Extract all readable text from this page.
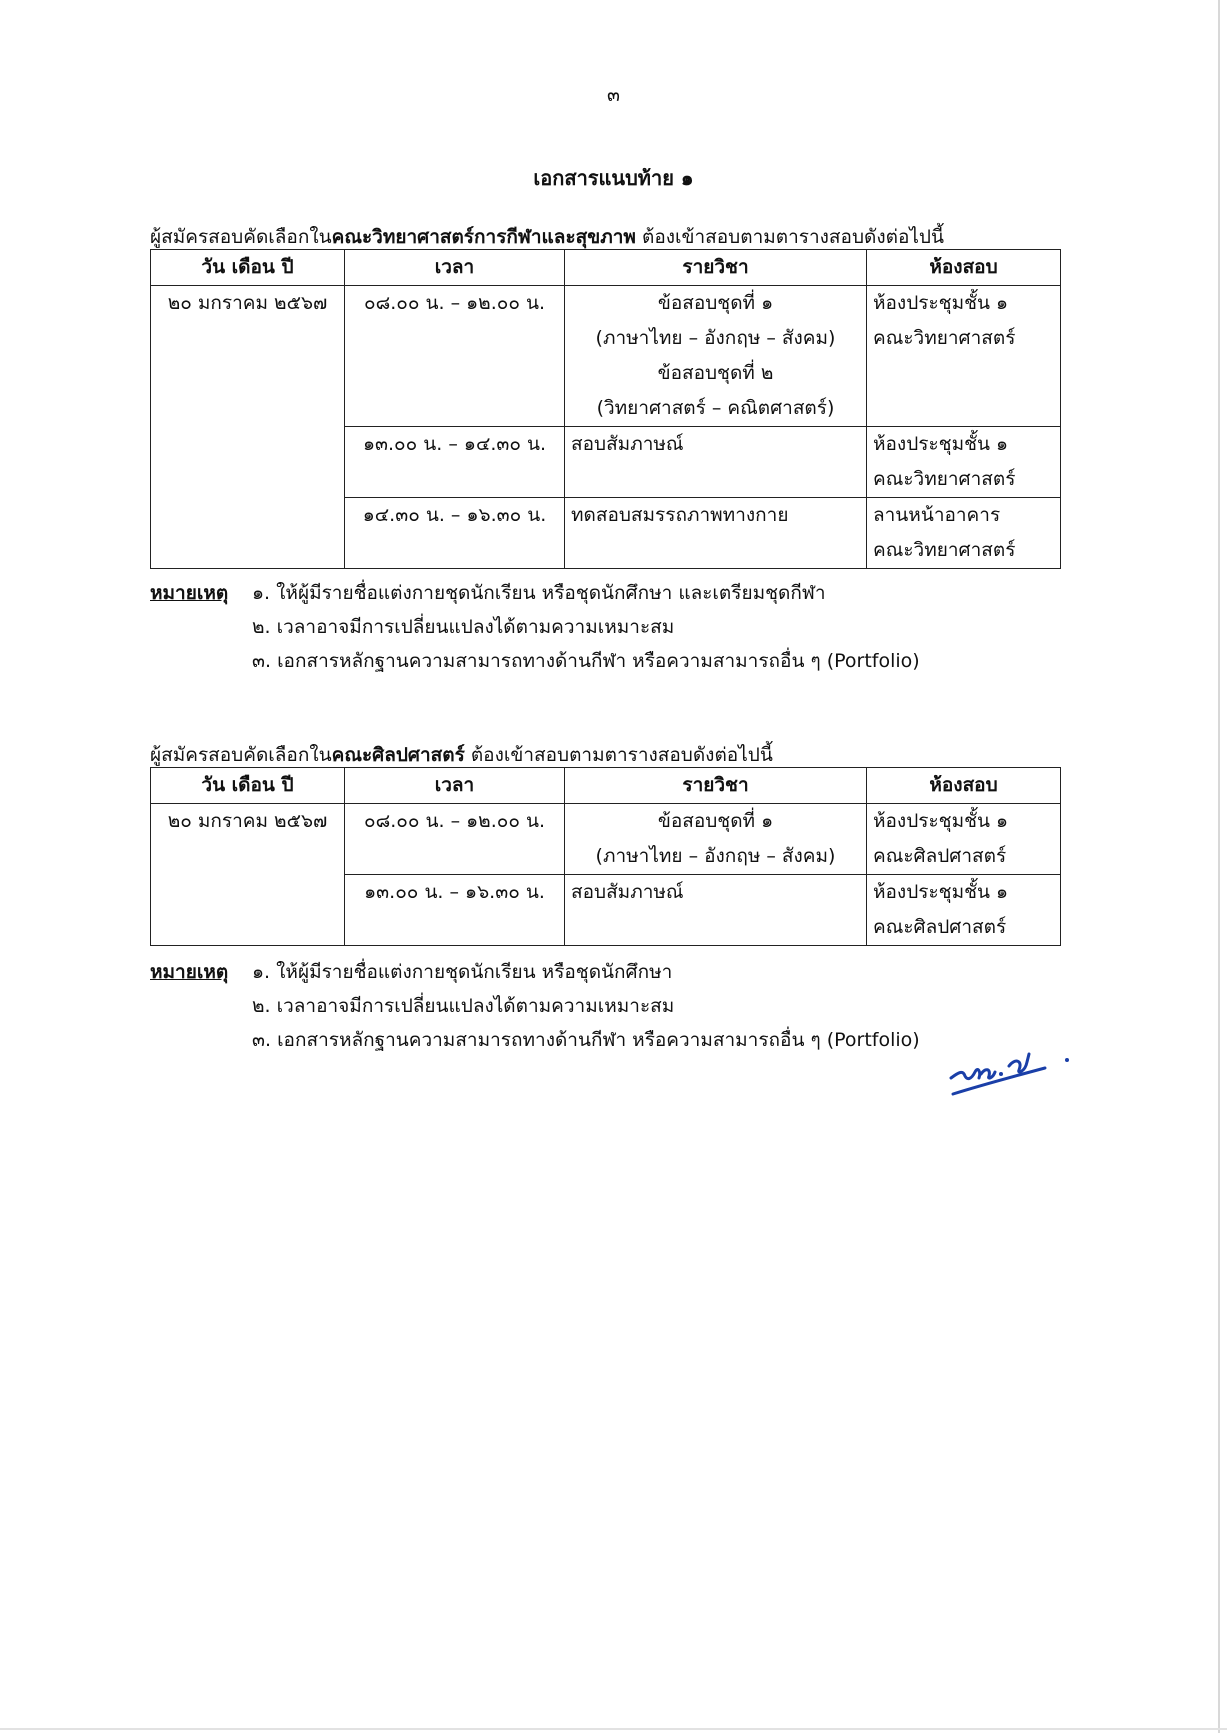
๓
เอกสารแนบท้าย ๑
ผู้สมัครสอบคัดเลือกในคณะวิทยาศาสตร์การกีฬาและสุขภาพ ต้องเข้าสอบตามตารางสอบดังต่อไปนี้
วัน เดือน ปี	เวลา	รายวิชา	ห้องสอบ
๒๐ มกราคม ๒๕๖๗	๐๘.๐๐ น. – ๑๒.๐๐ น.	ข้อสอบชุดที่ ๑
(ภาษาไทย – อังกฤษ – สังคม)
ข้อสอบชุดที่ ๒
(วิทยาศาสตร์ – คณิตศาสตร์)	ห้องประชุมชั้น ๑
คณะวิทยาศาสตร์

	๑๓.๐๐ น. – ๑๔.๓๐ น.	สอบสัมภาษณ์	ห้องประชุมชั้น ๑
คณะวิทยาศาสตร์

	๑๔.๓๐ น. – ๑๖.๓๐ น.	ทดสอบสมรรถภาพทางกาย	ลานหน้าอาคาร
คณะวิทยาศาสตร์
หมายเหตุ ๑. ให้ผู้มีรายชื่อแต่งกายชุดนักเรียน หรือชุดนักศึกษา และเตรียมชุดกีฬา
๒. เวลาอาจมีการเปลี่ยนแปลงได้ตามความเหมาะสม
๓. เอกสารหลักฐานความสามารถทางด้านกีฬา หรือความสามารถอื่น ๆ (Portfolio)
ผู้สมัครสอบคัดเลือกในคณะศิลปศาสตร์ ต้องเข้าสอบตามตารางสอบดังต่อไปนี้
วัน เดือน ปี	เวลา	รายวิชา	ห้องสอบ
๒๐ มกราคม ๒๕๖๗	๐๘.๐๐ น. – ๑๒.๐๐ น.	ข้อสอบชุดที่ ๑
(ภาษาไทย – อังกฤษ – สังคม)	ห้องประชุมชั้น ๑
คณะศิลปศาสตร์

	๑๓.๐๐ น. – ๑๖.๓๐ น.	สอบสัมภาษณ์	ห้องประชุมชั้น ๑
คณะศิลปศาสตร์
หมายเหตุ ๑. ให้ผู้มีรายชื่อแต่งกายชุดนักเรียน หรือชุดนักศึกษา
๒. เวลาอาจมีการเปลี่ยนแปลงได้ตามความเหมาะสม
๓. เอกสารหลักฐานความสามารถทางด้านกีฬา หรือความสามารถอื่น ๆ (Portfolio)
